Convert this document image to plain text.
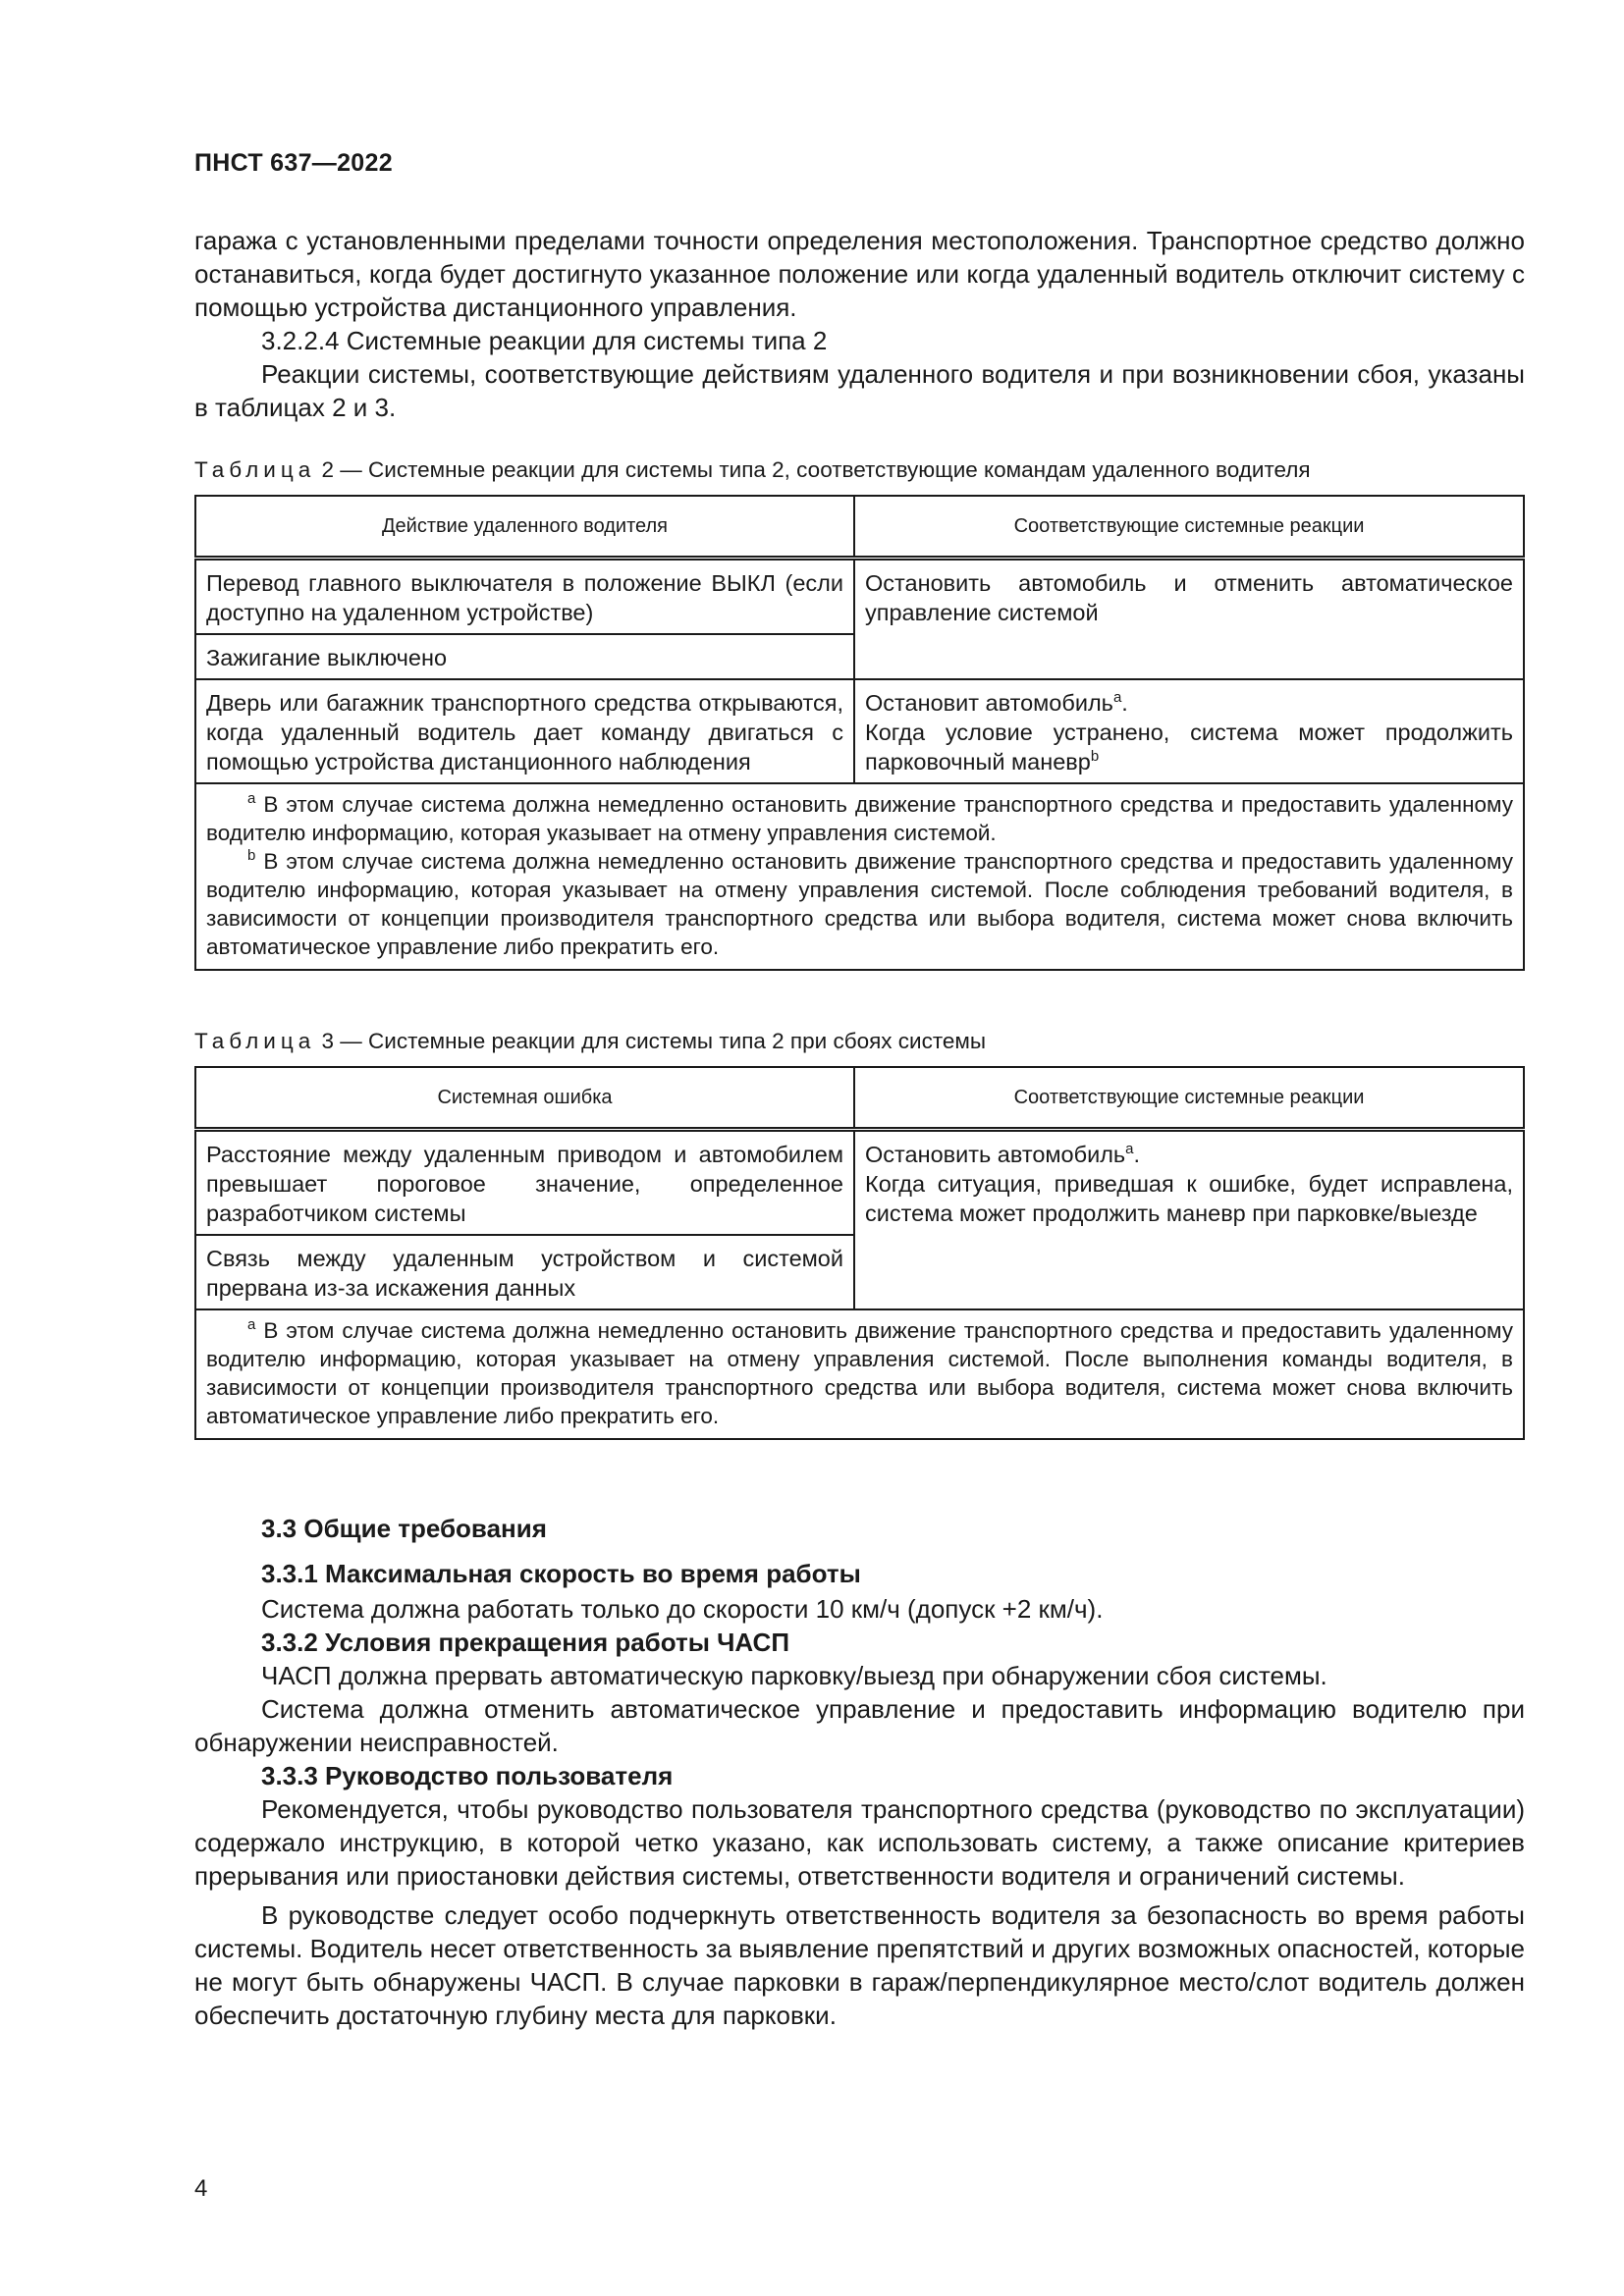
ПНСТ 637—2022

гаража с установленными пределами точности определения местоположения. Транспортное средство должно останавиться, когда будет достигнуто указанное положение или когда удаленный водитель отключит систему с помощью устройства дистанционного управления.

3.2.2.4 Системные реакции для системы типа 2

Реакции системы, соответствующие действиям удаленного водителя и при возникновении сбоя, указаны в таблицах 2 и 3.

Таблица 2 — Системные реакции для системы типа 2, соответствующие командам удаленного водителя

Действие удаленного водителя	Соответствующие системные реакции
Перевод главного выключателя в положение ВЫКЛ (если доступно на удаленном устройстве)	Остановить автомобиль и отменить автоматическое управление системой
Зажигание выключено	
Дверь или багажник транспортного средства открываются, когда удаленный водитель дает команду двигаться с помощью устройства дистанционного наблюдения	Остановит автомобиль$^a$.
Когда условие устранено, система может продолжить парковочный маневр$^b$

$^a$ В этом случае система должна немедленно остановить движение транспортного средства и предоставить удаленному водителю информацию, которая указывает на отмену управления системой.

$^b$ В этом случае система должна немедленно остановить движение транспортного средства и предоставить удаленному водителю информацию, которая указывает на отмену управления системой. После соблюдения требований водителя, в зависимости от концепции производителя транспортного средства или выбора водителя, система может снова включить автоматическое управление либо прекратить его.	

Таблица 3 — Системные реакции для системы типа 2 при сбоях системы

Системная ошибка	Соответствующие системные реакции
Расстояние между удаленным приводом и автомобилем превышает пороговое значение, определенное разработчиком системы	Остановить автомобиль$^a$.
Когда ситуация, приведшая к ошибке, будет исправлена, система может продолжить маневр при парковке/выезде
Связь между удаленным устройством и системой прервана из-за искажения данных	

$^a$ В этом случае система должна немедленно остановить движение транспортного средства и предоставить удаленному водителю информацию, которая указывает на отмену управления системой. После выполнения команды водителя, в зависимости от концепции производителя транспортного средства или выбора водителя, система может снова включить автоматическое управление либо прекратить его.	

3.3 Общие требования

3.3.1 Максимальная скорость во время работы

Система должна работать только до скорости 10 км/ч (допуск +2 км/ч).

3.3.2 Условия прекращения работы ЧАСП

ЧАСП должна прервать автоматическую парковку/выезд при обнаружении сбоя системы.

Система должна отменить автоматическое управление и предоставить информацию водителю при обнаружении неисправностей.

3.3.3 Руководство пользователя

Рекомендуется, чтобы руководство пользователя транспортного средства (руководство по эксплуатации) содержало инструкцию, в которой четко указано, как использовать систему, а также описание критериев прерывания или приостановки действия системы, ответственности водителя и ограничений системы.

В руководстве следует особо подчеркнуть ответственность водителя за безопасность во время работы системы. Водитель несет ответственность за выявление препятствий и других возможных опасностей, которые не могут быть обнаружены ЧАСП. В случае парковки в гараж/перпендикулярное место/слот водитель должен обеспечить достаточную глубину места для парковки.

4
